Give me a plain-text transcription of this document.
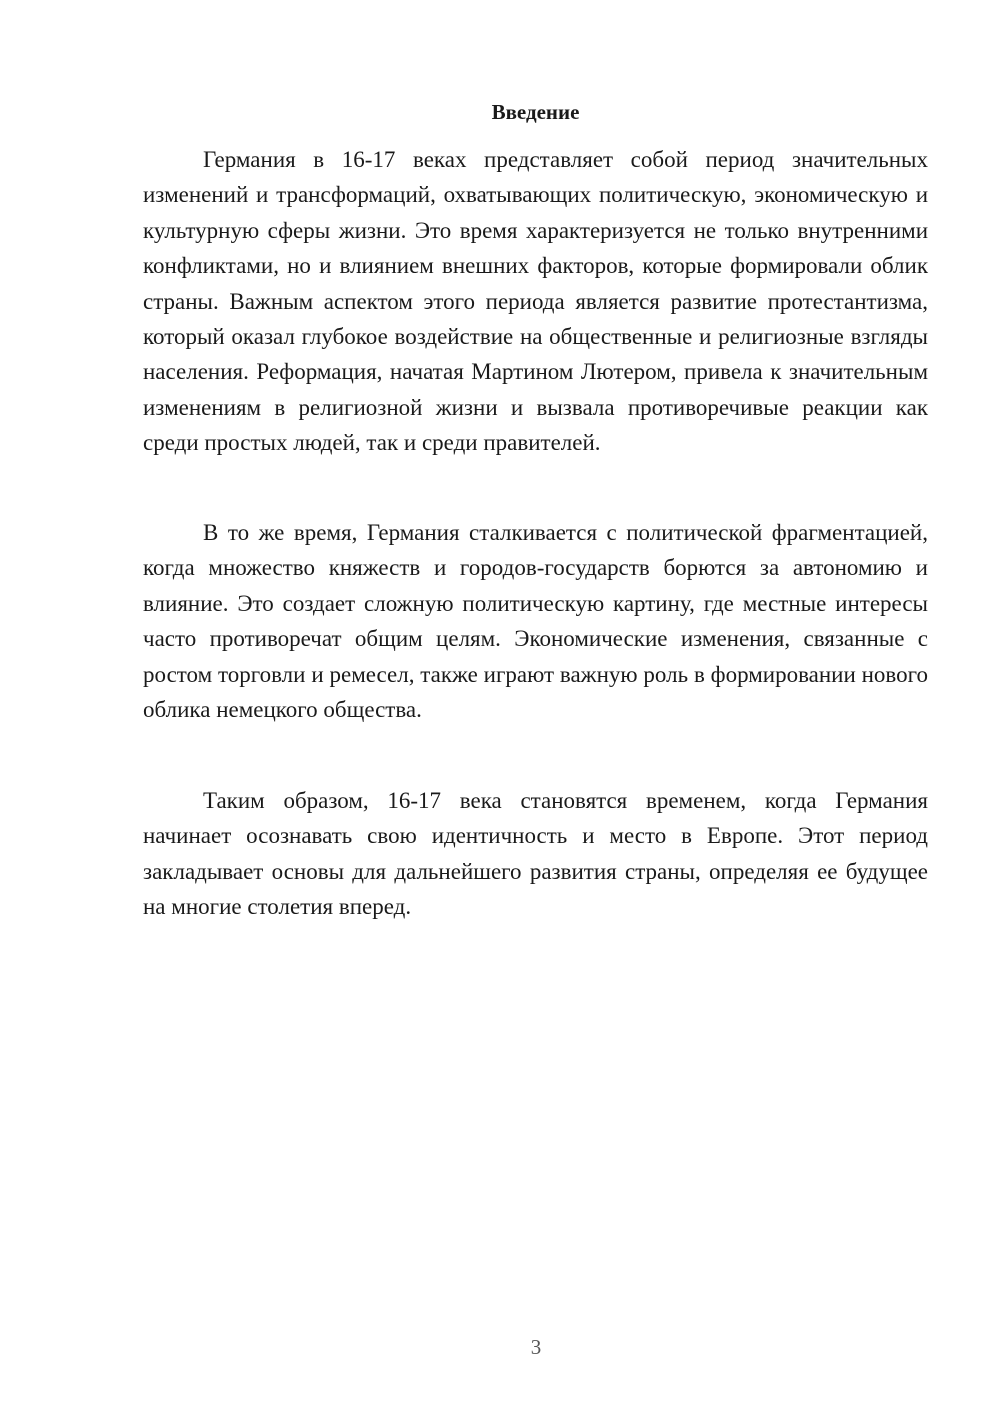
Введение

Германия в 16-17 веках представляет собой период значительных изменений и трансформаций, охватывающих политическую, экономическую и культурную сферы жизни. Это время характеризуется не только внутренними конфликтами, но и влиянием внешних факторов, которые формировали облик страны. Важным аспектом этого периода является развитие протестантизма, который оказал глубокое воздействие на общественные и религиозные взгляды населения. Реформация, начатая Мартином Лютером, привела к значительным изменениям в религиозной жизни и вызвала противоречивые реакции как среди простых людей, так и среди правителей.

В то же время, Германия сталкивается с политической фрагментацией, когда множество княжеств и городов-государств борются за автономию и влияние. Это создает сложную политическую картину, где местные интересы часто противоречат общим целям. Экономические изменения, связанные с ростом торговли и ремесел, также играют важную роль в формировании нового облика немецкого общества.

Таким образом, 16-17 века становятся временем, когда Германия начинает осознавать свою идентичность и место в Европе. Этот период закладывает основы для дальнейшего развития страны, определяя ее будущее на многие столетия вперед.

3
